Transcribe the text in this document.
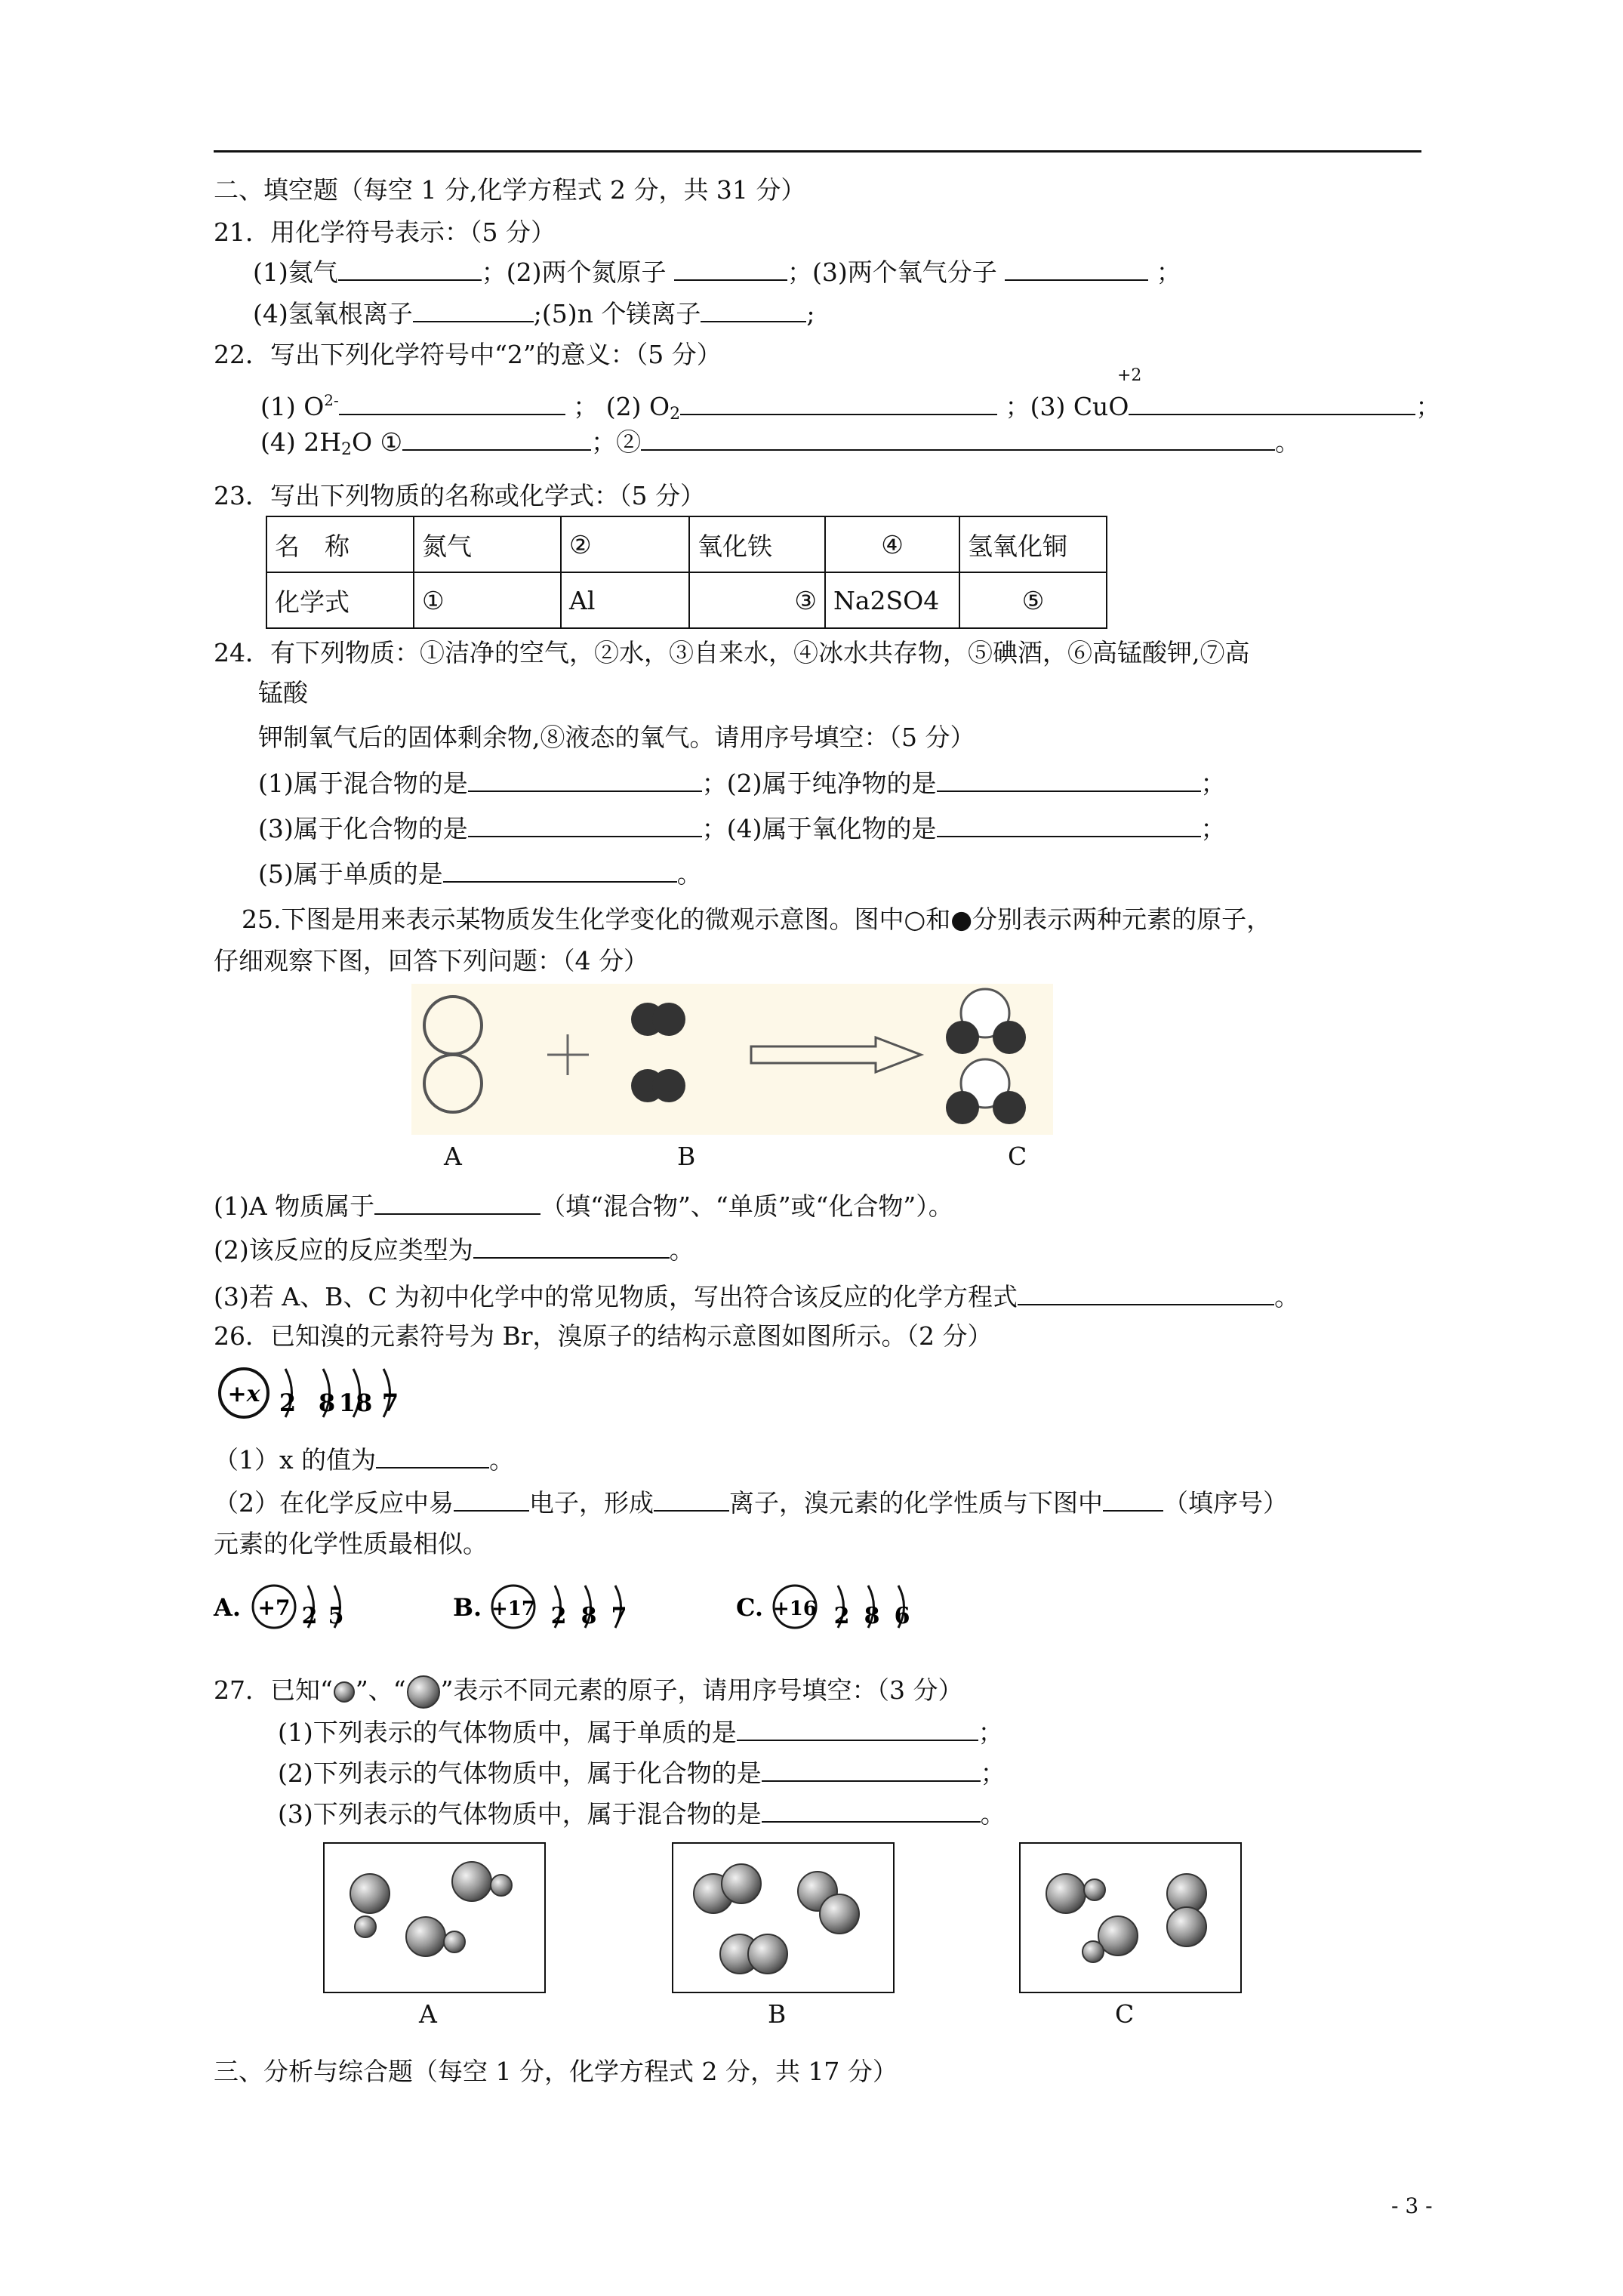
二、填空题（每空 1 分,化学方程式 2 分，共 31 分）
21．用化学符号表示：（5 分）
(1)氦气	；(2)两个氮原子	；(3)两个氧气分子	；
(4)氢氧根离子	;(5)n 个镁离子	;
22．写出下列化学符号中“2”的意义：（5 分）
(1) $O^{2-}$	； (2) $O_2$	；(3) CuO	；
+2
(4) $2H_2O$ ①	；②	。
23．写出下列物质的名称或化学式：（5 分）
名　称	氮气	②	氧化铁	④	氢氧化铜
化学式	①	Al	③	Na2SO4	⑤
24．有下列物质：①洁净的空气，②水，③自来水，④冰水共存物，⑤碘酒，⑥高锰酸钾,⑦高
锰酸
钾制氧气后的固体剩余物,⑧液态的氧气。请用序号填空：（5 分）
(1)属于混合物的是	；(2)属于纯净物的是	；
(3)属于化合物的是	；(4)属于氧化物的是	；
(5)属于单质的是	。
25.下图是用来表示某物质发生化学变化的微观示意图。图中○和●分别表示两种元素的原子，
仔细观察下图，回答下列问题：（4 分）
A	B	C
(1)A 物质属于	（填“混合物”、“单质”或“化合物”）。
(2)该反应的反应类型为	。
(3)若 A、B、C 为初中化学中的常见物质，写出符合该反应的化学方程式	。
26．已知溴的元素符号为 Br，溴原子的结构示意图如图所示。（2 分）
+x 2 8 18 7
（1）x 的值为	。
（2）在化学反应中易	电子，形成	离子，溴元素的化学性质与下图中 （填序号）
元素的化学性质最相似。
A. +7 2 5	B. +17 2 8 7	C. +16 2 8 6
27．已知“ ”、“ ”表示不同元素的原子，请用序号填空：（3 分）
(1)下列表示的气体物质中，属于单质的是	；
(2)下列表示的气体物质中，属于化合物的是	；
(3)下列表示的气体物质中，属于混合物的是	。
A	B	C
三、分析与综合题（每空 1 分，化学方程式 2 分，共 17 分）
- 3 -
